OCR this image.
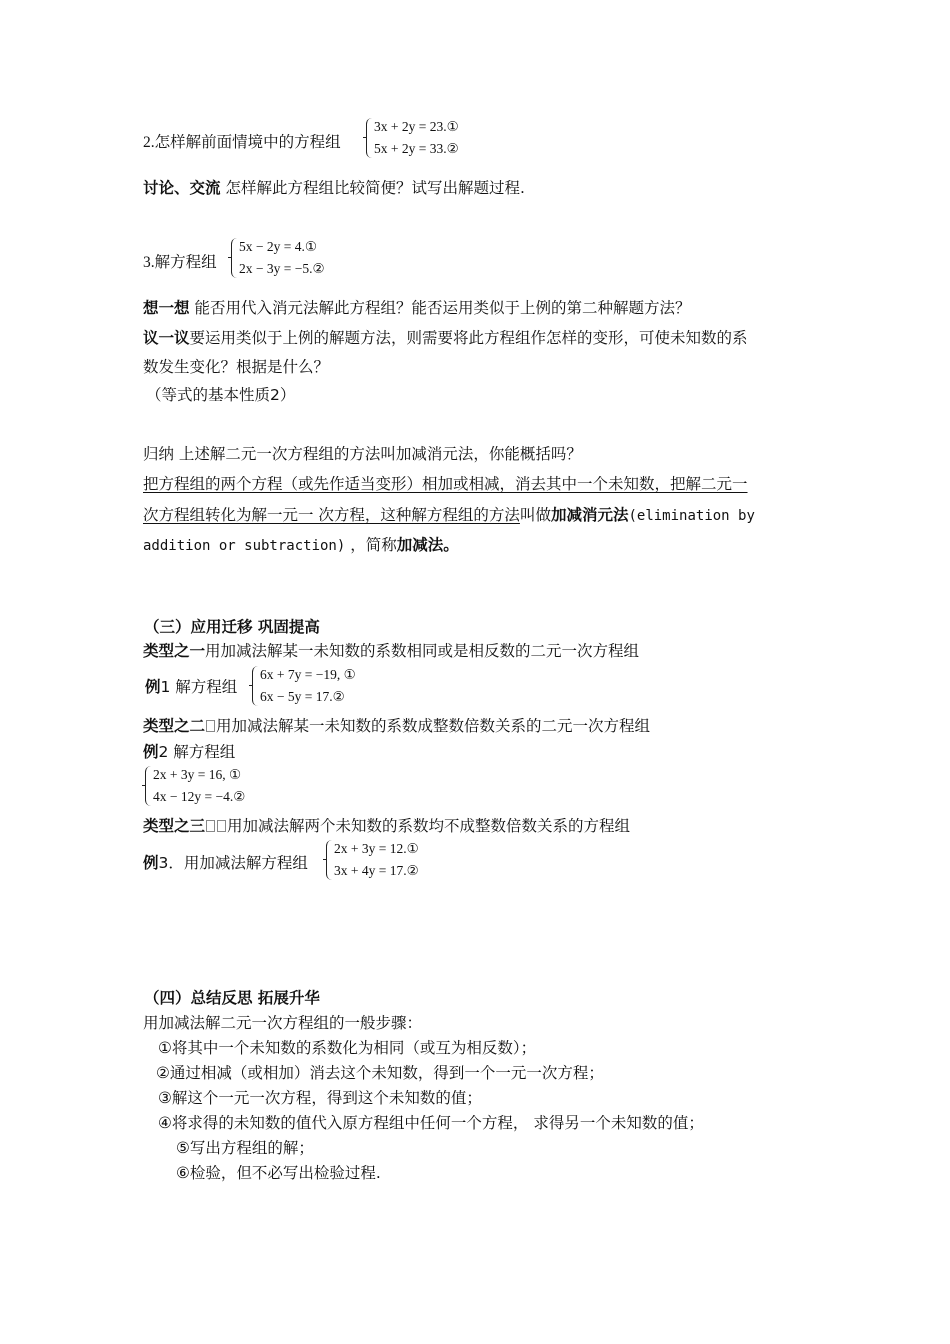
2.怎样解前面情境中的方程组
3x + 2y = 23.①
5x + 2y = 33.②
讨论、交流 怎样解此方程组比较简便？试写出解题过程.
3.解方程组
5x − 2y = 4.①
2x − 3y = −5.②
想一想 能否用代入消元法解此方程组？能否运用类似于上例的第二种解题方法？
议一议要运用类似于上例的解题方法，则需要将此方程组作怎样的变形，可使未知数的系
数发生变化？根据是什么？
（等式的基本性质2）
归纳 上述解二元一次方程组的方法叫加减消元法，你能概括吗？
把方程组的两个方程（或先作适当变形）相加或相减，消去其中一个未知数，把解二元一
次方程组转化为解一元一 次方程，这种解方程组的方法叫做加减消元法(elimination by
addition or subtraction) ，简称加减法。
（三）应用迁移 巩固提高
类型之一用加减法解某一未知数的系数相同或是相反数的二元一次方程组
例1 解方程组
6x + 7y = −19, ①
6x − 5y = 17.②
类型之二 用加减法解某一未知数的系数成整数倍数关系的二元一次方程组
例2 解方程组
2x + 3y = 16, ①
4x − 12y = −4.②
类型之三 用加减法解两个未知数的系数均不成整数倍数关系的方程组
例3．用加减法解方程组
2x + 3y = 12.①
3x + 4y = 17.②
（四）总结反思 拓展升华
用加减法解二元一次方程组的一般步骤：
①将其中一个未知数的系数化为相同（或互为相反数）；
②通过相减（或相加）消去这个未知数，得到一个一元一次方程；
③解这个一元一次方程，得到这个未知数的值；
④将求得的未知数的值代入原方程组中任何一个方程， 求得另一个未知数的值；
⑤写出方程组的解；
⑥检验，但不必写出检验过程.
